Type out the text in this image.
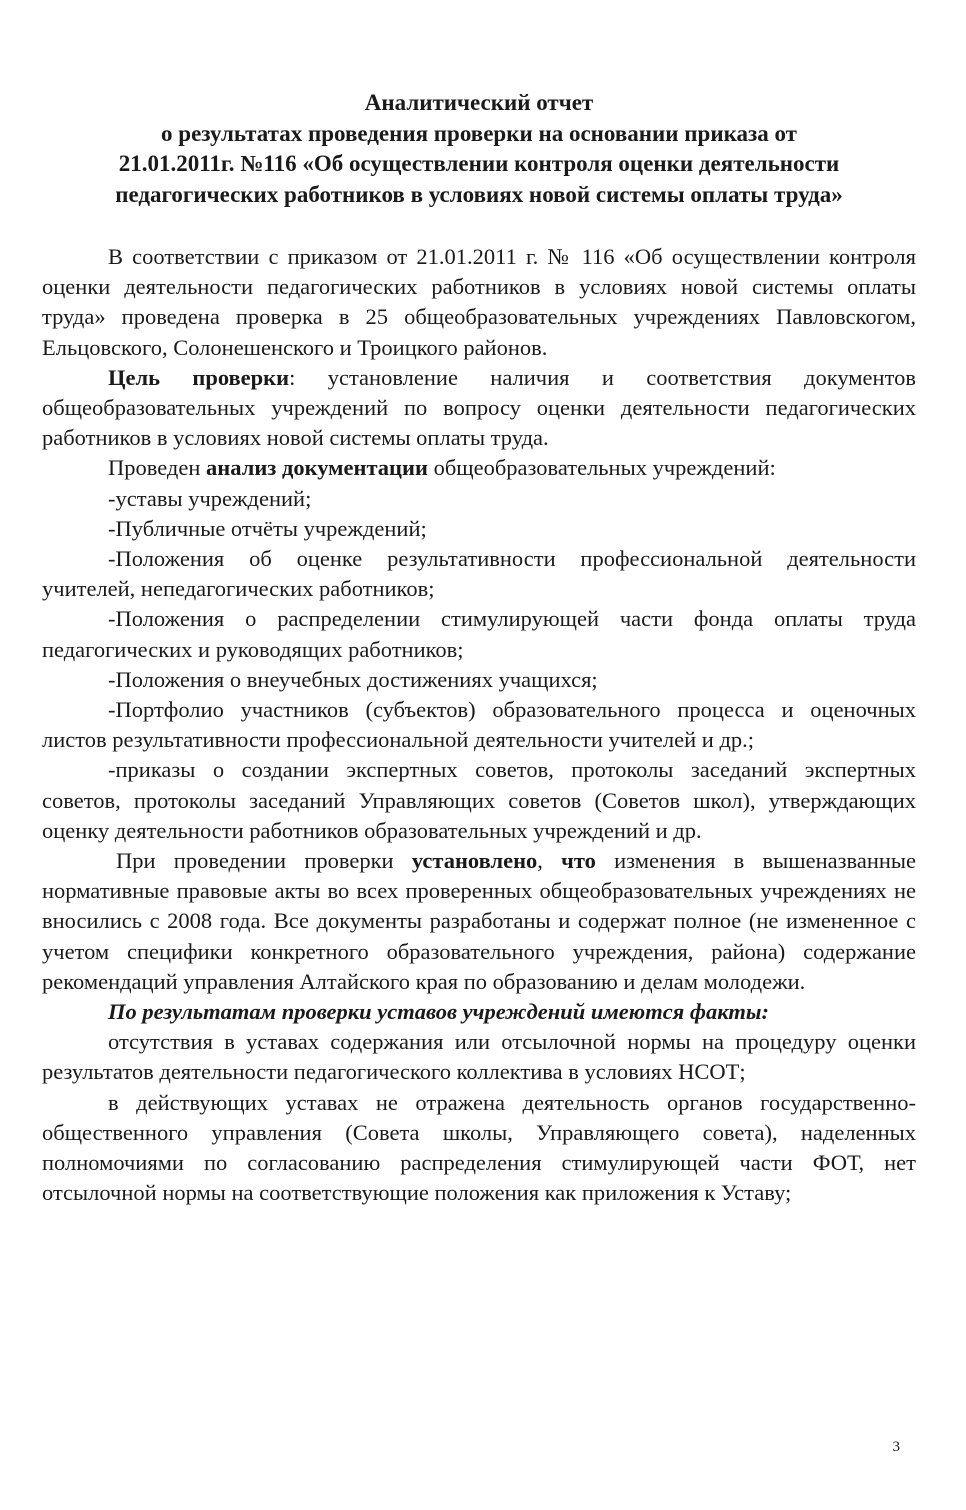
Аналитический отчет
о результатах проведения проверки на основании приказа от
21.01.2011г. №116 «Об осуществлении контроля оценки деятельности
педагогических работников в условиях новой системы оплаты труда»

В соответствии с приказом от 21.01.2011 г. № 116 «Об осуществлении контроля оценки деятельности педагогических работников в условиях новой системы оплаты труда» проведена проверка в 25 общеобразовательных учреждениях Павловскогом, Ельцовского, Солонешенского и Троицкого районов.

Цель проверки: установление наличия и соответствия документов общеобразовательных учреждений по вопросу оценки деятельности педагогических работников в условиях новой системы оплаты труда.

Проведен анализ документации общеобразовательных учреждений:

-уставы учреждений;

-Публичные отчёты учреждений;

-Положения об оценке результативности профессиональной деятельности учителей, непедагогических работников;

-Положения о распределении стимулирующей части фонда оплаты труда педагогических и руководящих работников;

-Положения о внеучебных достижениях учащихся;

-Портфолио участников (субъектов) образовательного процесса и оценочных листов результативности профессиональной деятельности учителей и др.;

-приказы о создании экспертных советов, протоколы заседаний экспертных советов, протоколы заседаний Управляющих советов (Советов школ), утверждающих оценку деятельности работников образовательных учреждений и др.

При проведении проверки установлено, что изменения в вышеназванные нормативные правовые акты во всех проверенных общеобразовательных учреждениях не вносились с 2008 года. Все документы разработаны и содержат полное (не измененное с учетом специфики конкретного образовательного учреждения, района) содержание рекомендаций управления Алтайского края по образованию и делам молодежи.

По результатам проверки уставов учреждений имеются факты:

отсутствия в уставах содержания или отсылочной нормы на процедуру оценки результатов деятельности педагогического коллектива в условиях НСОТ;

в действующих уставах не отражена деятельность органов государственно-общественного управления (Совета школы, Управляющего совета), наделенных полномочиями по согласованию распределения стимулирующей части ФОТ, нет отсылочной нормы на соответствующие положения как приложения к Уставу;

3
